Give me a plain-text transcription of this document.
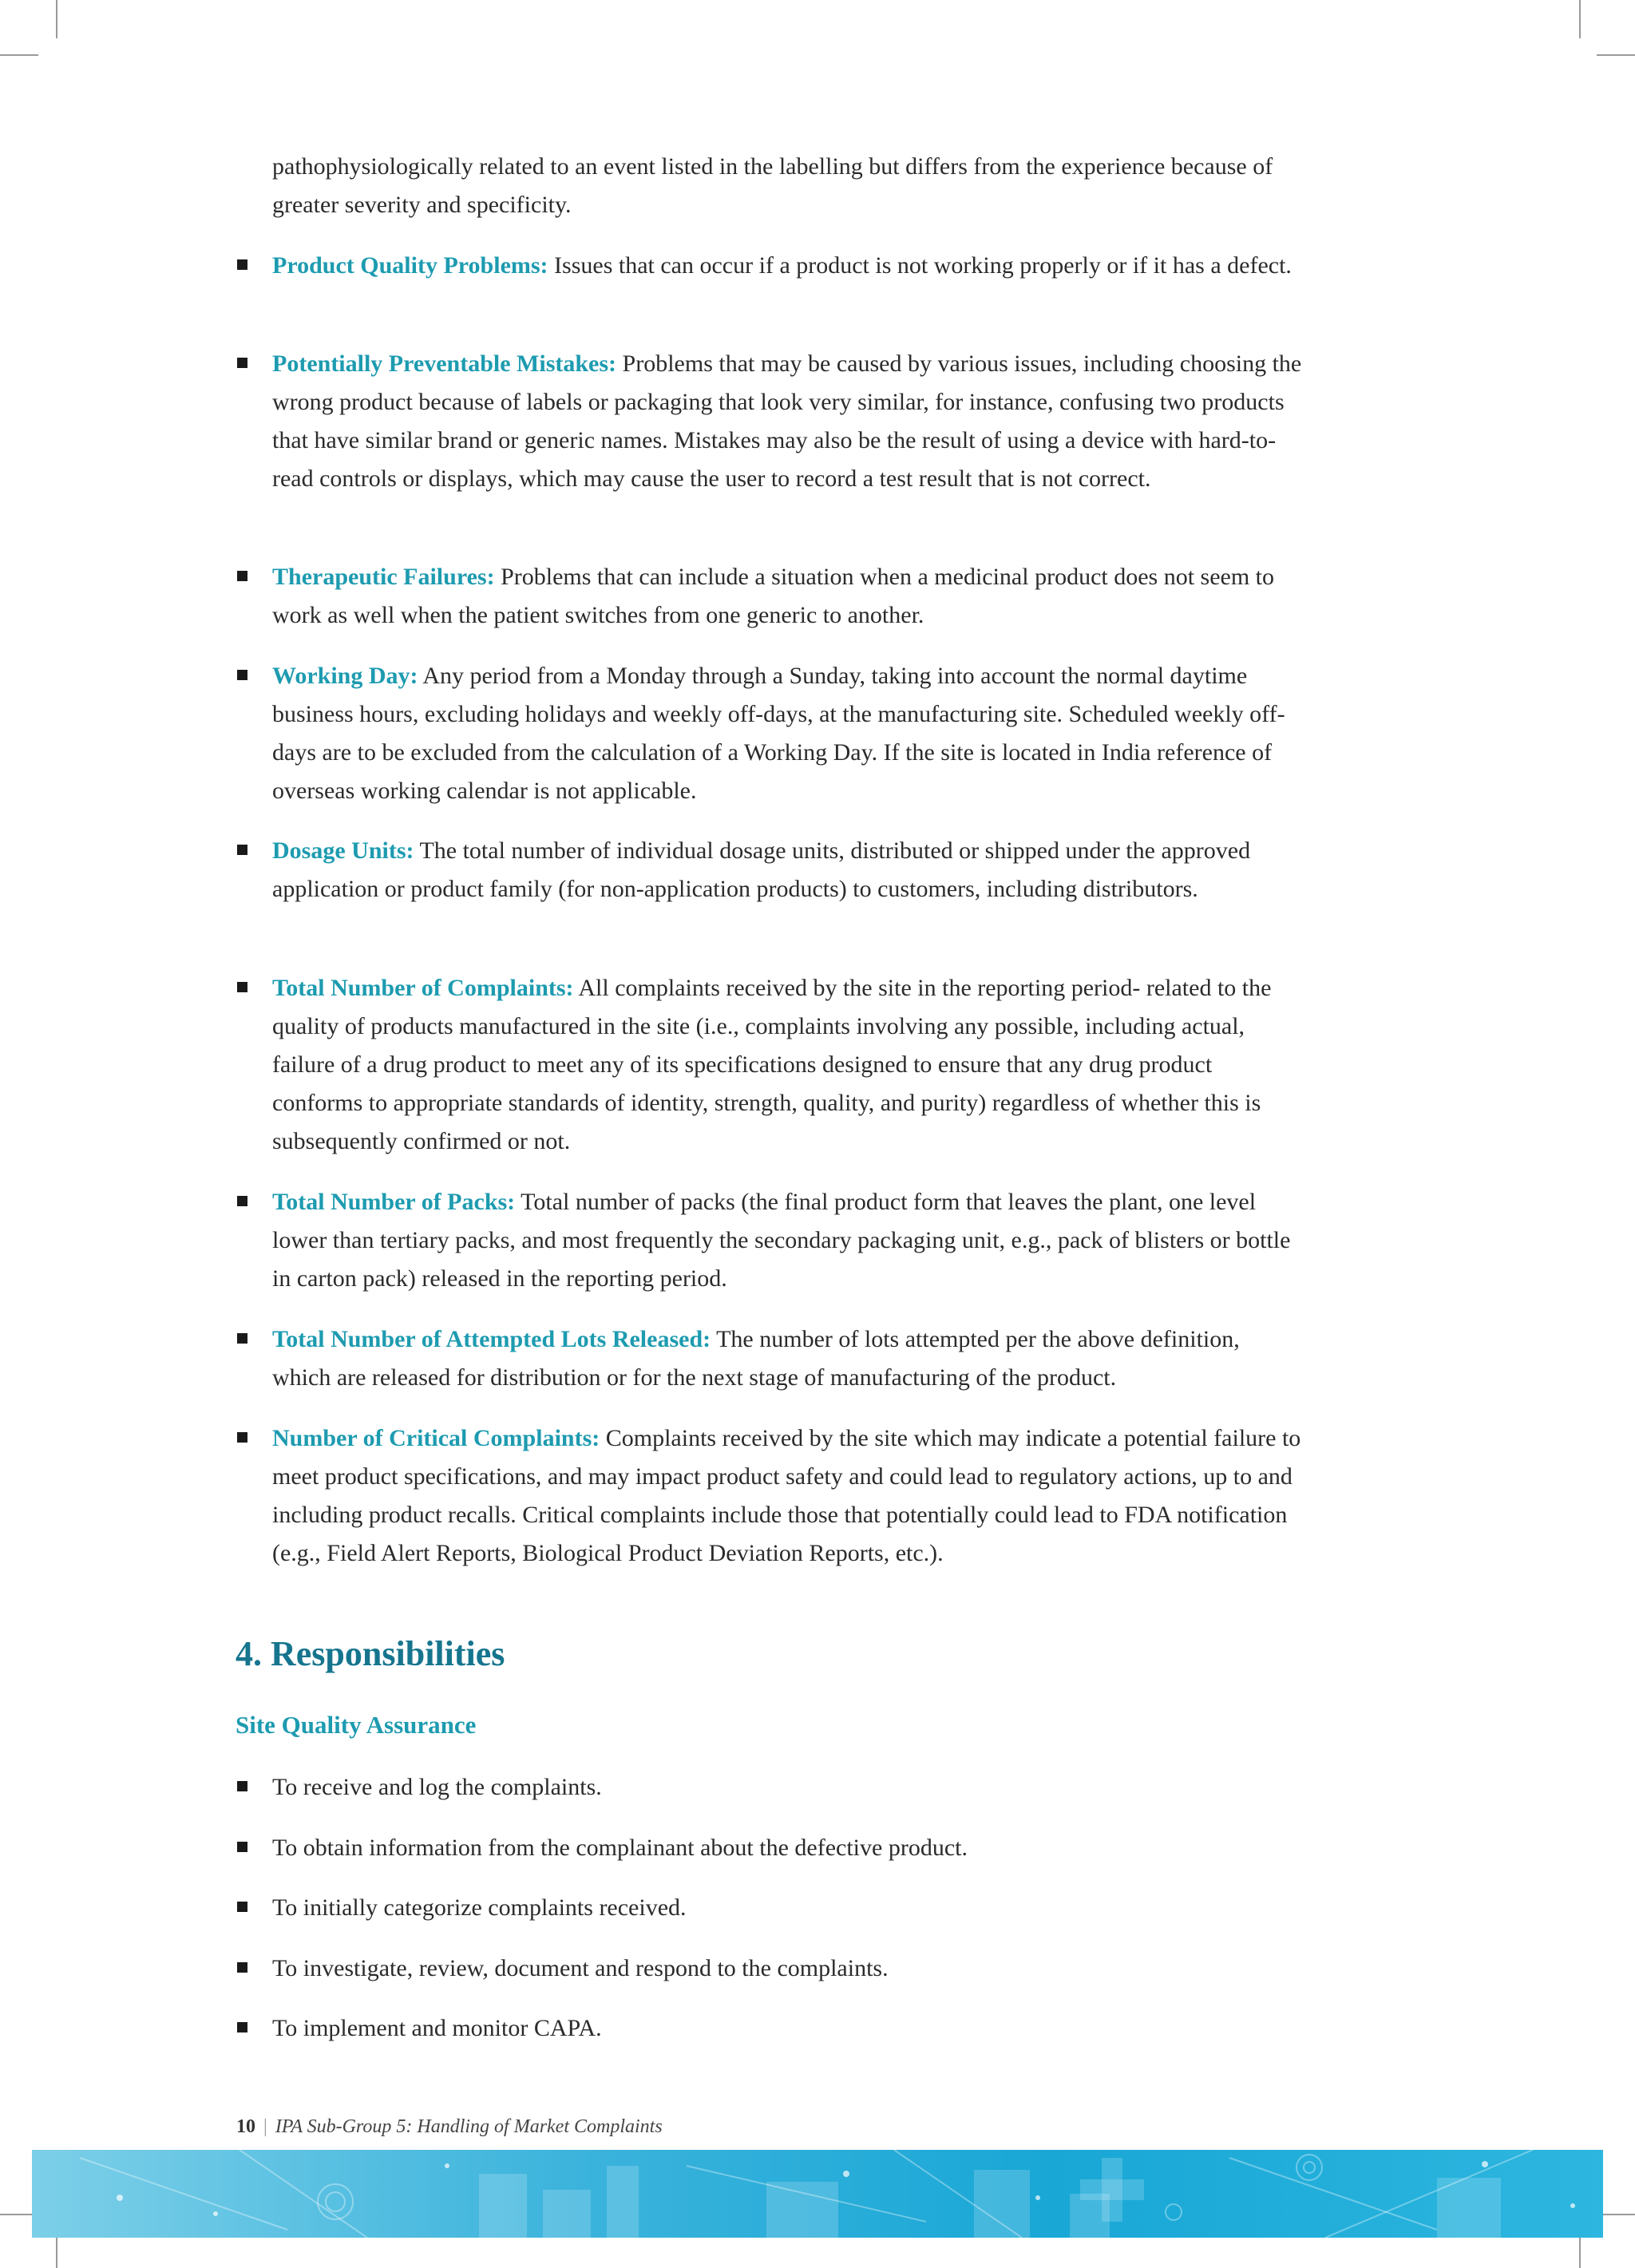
pathophysiologically related to an event listed in the labelling but differs from the experience because of greater severity and specificity.

Product Quality Problems: Issues that can occur if a product is not working properly or if it has a defect.
Potentially Preventable Mistakes: Problems that may be caused by various issues, including choosing the wrong product because of labels or packaging that look very similar, for instance, confusing two products that have similar brand or generic names. Mistakes may also be the result of using a device with hard-to-read controls or displays, which may cause the user to record a test result that is not correct.
Therapeutic Failures: Problems that can include a situation when a medicinal product does not seem to work as well when the patient switches from one generic to another.
Working Day: Any period from a Monday through a Sunday, taking into account the normal daytime business hours, excluding holidays and weekly off-days, at the manufacturing site. Scheduled weekly off-days are to be excluded from the calculation of a Working Day. If the site is located in India reference of overseas working calendar is not applicable.
Dosage Units: The total number of individual dosage units, distributed or shipped under the approved application or product family (for non-application products) to customers, including distributors.
Total Number of Complaints: All complaints received by the site in the reporting period- related to the quality of products manufactured in the site (i.e., complaints involving any possible, including actual, failure of a drug product to meet any of its specifications designed to ensure that any drug product conforms to appropriate standards of identity, strength, quality, and purity) regardless of whether this is subsequently confirmed or not.
Total Number of Packs: Total number of packs (the final product form that leaves the plant, one level lower than tertiary packs, and most frequently the secondary packaging unit, e.g., pack of blisters or bottle in carton pack) released in the reporting period.
Total Number of Attempted Lots Released: The number of lots attempted per the above definition, which are released for distribution or for the next stage of manufacturing of the product.
Number of Critical Complaints: Complaints received by the site which may indicate a potential failure to meet product specifications, and may impact product safety and could lead to regulatory actions, up to and including product recalls. Critical complaints include those that potentially could lead to FDA notification (e.g., Field Alert Reports, Biological Product Deviation Reports, etc.).
4. Responsibilities
Site Quality Assurance
To receive and log the complaints.
To obtain information from the complainant about the defective product.
To initially categorize complaints received.
To investigate, review, document and respond to the complaints.
To implement and monitor CAPA.
10 | IPA Sub-Group 5: Handling of Market Complaints
